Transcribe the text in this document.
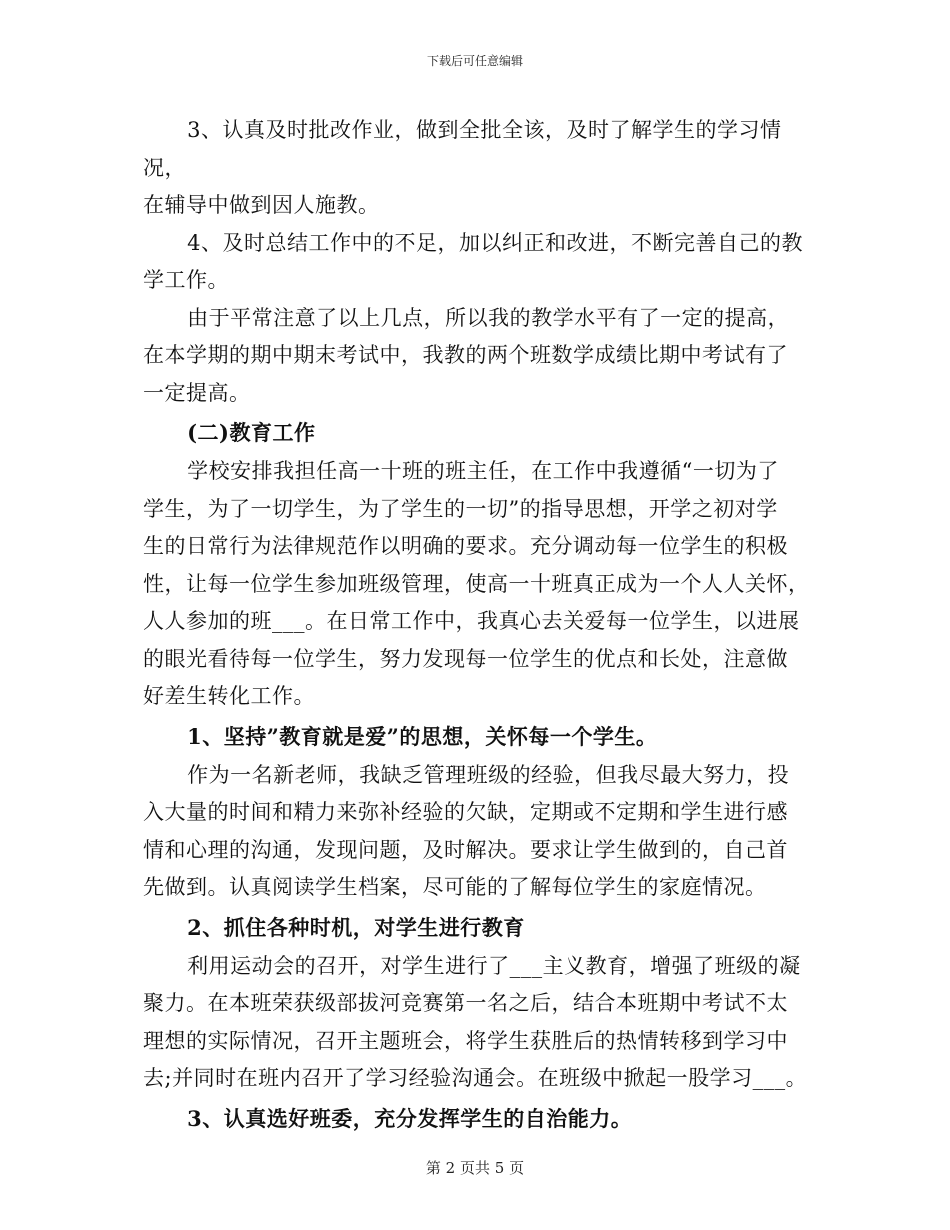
下载后可任意编辑
3、认真及时批改作业，做到全批全该，及时了解学生的学习情况，
在辅导中做到因人施教。
4、及时总结工作中的不足，加以纠正和改进，不断完善自己的教
学工作。
由于平常注意了以上几点，所以我的教学水平有了一定的提高，
在本学期的期中期末考试中，我教的两个班数学成绩比期中考试有了
一定提高。
(二)教育工作
学校安排我担任高一十班的班主任，在工作中我遵循“一切为了
学生，为了一切学生，为了学生的一切”的指导思想，开学之初对学
生的日常行为法律规范作以明确的要求。充分调动每一位学生的积极
性，让每一位学生参加班级管理，使高一十班真正成为一个人人关怀，
人人参加的班___。在日常工作中，我真心去关爱每一位学生，以进展
的眼光看待每一位学生，努力发现每一位学生的优点和长处，注意做
好差生转化工作。
1、坚持”教育就是爱”的思想，关怀每一个学生。
作为一名新老师，我缺乏管理班级的经验，但我尽最大努力，投
入大量的时间和精力来弥补经验的欠缺，定期或不定期和学生进行感
情和心理的沟通，发现问题，及时解决。要求让学生做到的，自己首
先做到。认真阅读学生档案，尽可能的了解每位学生的家庭情况。
2、抓住各种时机，对学生进行教育
利用运动会的召开，对学生进行了___主义教育，增强了班级的凝
聚力。在本班荣获级部拔河竞赛第一名之后，结合本班期中考试不太
理想的实际情况，召开主题班会，将学生获胜后的热情转移到学习中
去;并同时在班内召开了学习经验沟通会。在班级中掀起一股学习___。
3、认真选好班委，充分发挥学生的自治能力。
第 2 页共 5 页
